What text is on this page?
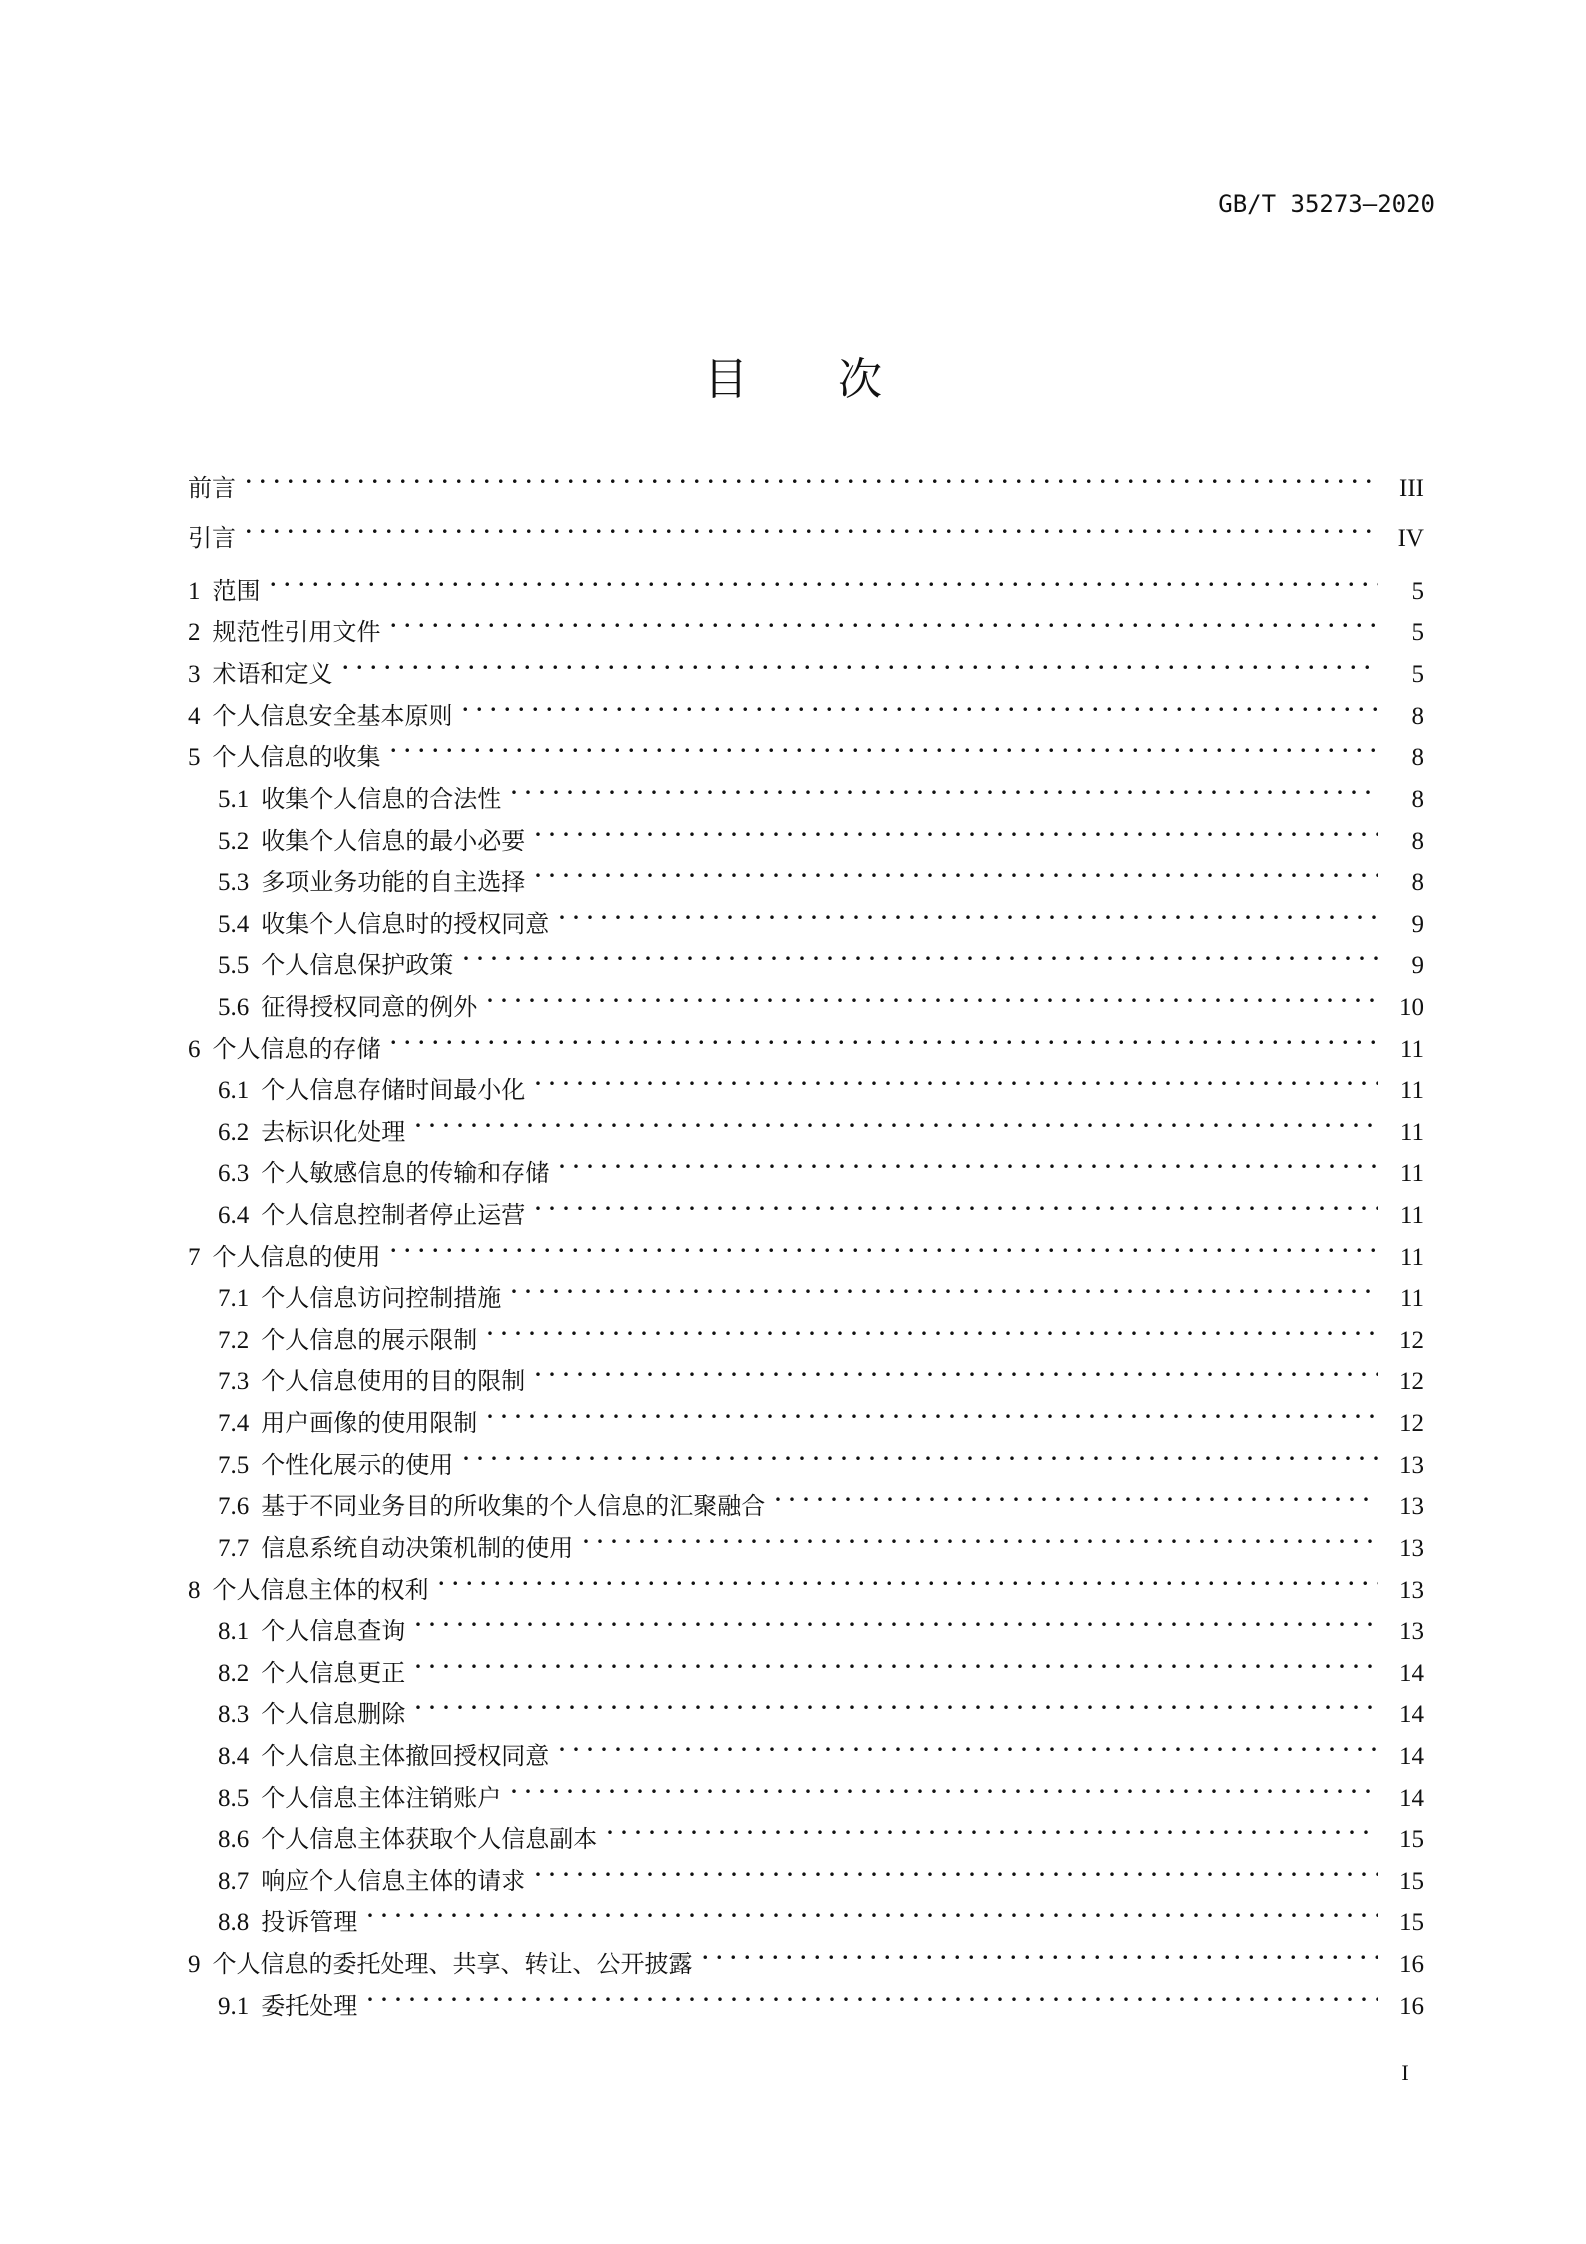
GB/T 35273—2020
目 次
前言 . . .	III
引言 . . .	IV
1 范围 . . .	5
2 规范性引用文件 . . .	5
3 术语和定义 . . .	5
4 个人信息安全基本原则 . . .	8
5 个人信息的收集 . . .	8
5.1 收集个人信息的合法性 . . .	8
5.2 收集个人信息的最小必要 . . .	8
5.3 多项业务功能的自主选择 . . .	8
5.4 收集个人信息时的授权同意 . . .	9
5.5 个人信息保护政策 . . .	9
5.6 征得授权同意的例外 . . .	10
6 个人信息的存储 . . .	11
6.1 个人信息存储时间最小化 . . .	11
6.2 去标识化处理 . . .	11
6.3 个人敏感信息的传输和存储 . . .	11
6.4 个人信息控制者停止运营 . . .	11
7 个人信息的使用 . . .	11
7.1 个人信息访问控制措施 . . .	11
7.2 个人信息的展示限制 . . .	12
7.3 个人信息使用的目的限制 . . .	12
7.4 用户画像的使用限制 . . .	12
7.5 个性化展示的使用 . . .	13
7.6 基于不同业务目的所收集的个人信息的汇聚融合 . . .	13
7.7 信息系统自动决策机制的使用 . . .	13
8 个人信息主体的权利 . . .	13
8.1 个人信息查询 . . .	13
8.2 个人信息更正 . . .	14
8.3 个人信息删除 . . .	14
8.4 个人信息主体撤回授权同意 . . .	14
8.5 个人信息主体注销账户 . . .	14
8.6 个人信息主体获取个人信息副本 . . .	15
8.7 响应个人信息主体的请求 . . .	15
8.8 投诉管理 . . .	15
9 个人信息的委托处理、共享、转让、公开披露 . . .	16
9.1 委托处理 . . .	16
I
